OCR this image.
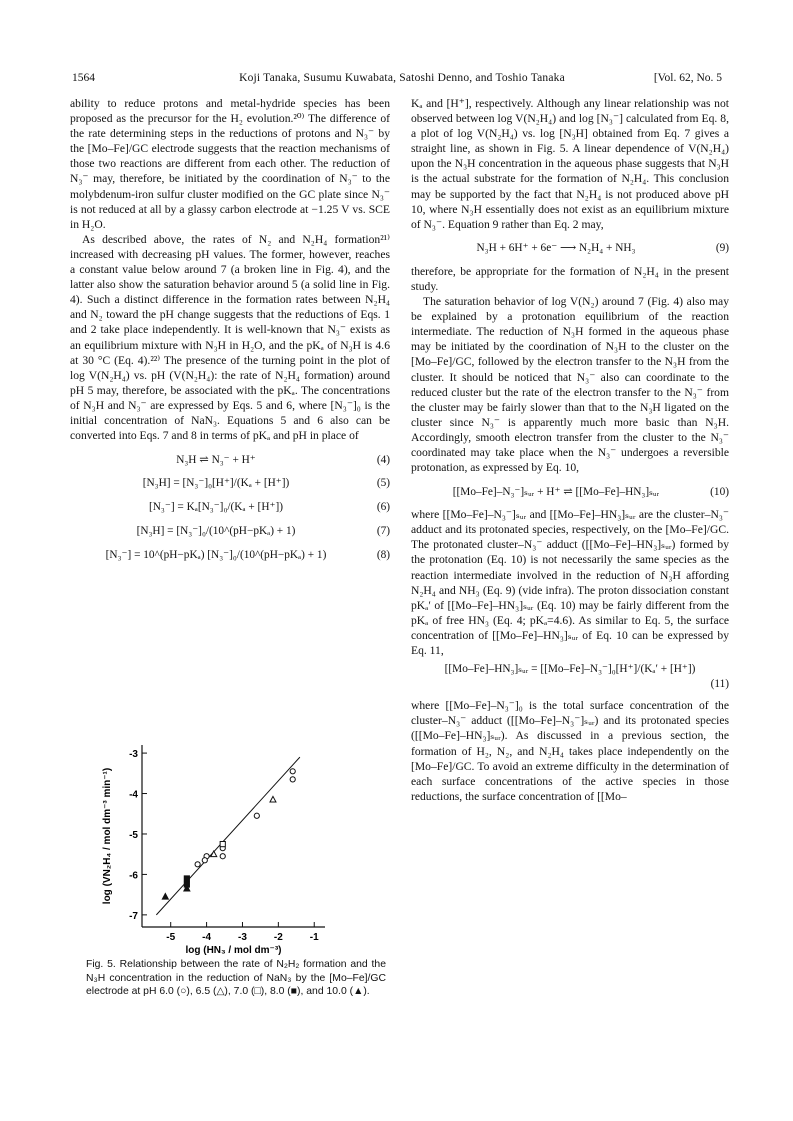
1564	Koji Tanaka, Susumu Kuwabata, Satoshi Denno, and Toshio Tanaka	[Vol. 62, No. 5

ability to reduce protons and metal-hydride species has been proposed as the precursor for the H₂ evolution.²⁰⁾ The difference of the rate determining steps in the reductions of protons and N₃⁻ by the [Mo–Fe]/GC electrode suggests that the reaction mechanisms of those two reactions are different from each other. The reduction of N₃⁻ may, therefore, be initiated by the coordination of N₃⁻ to the molybdenum-iron sulfur cluster modified on the GC plate since N₃⁻ is not reduced at all by a glassy carbon electrode at −1.25 V vs. SCE in H₂O.

As described above, the rates of N₂ and N₂H₄ formation²¹⁾ increased with decreasing pH values. The former, however, reaches a constant value below around 7 (a broken line in Fig. 4), and the latter also show the saturation behavior around 5 (a solid line in Fig. 4). Such a distinct difference in the formation rates between N₂H₄ and N₂ toward the pH change suggests that the reductions of Eqs. 1 and 2 take place independently. It is well-known that N₃⁻ exists as an equilibrium mixture with N₃H in H₂O, and the pKₐ of N₃H is 4.6 at 30 °C (Eq. 4).²²⁾ The presence of the turning point in the plot of log V(N₂H₄) vs. pH (V(N₂H₄): the rate of N₂H₄ formation) around pH 5 may, therefore, be associated with the pKₐ. The concentrations of N₃H and N₃⁻ are expressed by Eqs. 5 and 6, where [N₃⁻]₀ is the initial concentration of NaN₃. Equations 5 and 6 also can be converted into Eqs. 7 and 8 in terms of pKₐ and pH in place of

N₃H ⇌ N₃⁻ + H⁺	(4)
[N₃H] = [N₃⁻]₀[H⁺]/(Kₐ + [H⁺])	(5)
[N₃⁻] = Kₐ[N₃⁻]₀/(Kₐ + [H⁺])	(6)
[N₃H] = [N₃⁻]₀/(10^(pH−pKₐ) + 1)	(7)
[N₃⁻] = 10^(pH−pKₐ) [N₃⁻]₀/(10^(pH−pKₐ) + 1)	(8)
-5	-4	-3	-2	-1
-3
-4
-5
-6
-7
log (HN₃ / mol dm⁻³)
log (VN₂H₄ / mol dm⁻³ min⁻¹)
Fig. 5. Relationship between the rate of N₂H₂ formation and the N₃H concentration in the reduction of NaN₃ by the [Mo–Fe]/GC electrode at pH 6.0 (○), 6.5 (△), 7.0 (□), 8.0 (■), and 10.0 (▲).

Kₐ and [H⁺], respectively. Although any linear relationship was not observed between log V(N₂H₄) and log [N₃⁻] calculated from Eq. 8, a plot of log V(N₂H₄) vs. log [N₃H] obtained from Eq. 7 gives a straight line, as shown in Fig. 5. A linear dependence of V(N₂H₄) upon the N₃H concentration in the aqueous phase suggests that N₃H is the actual substrate for the formation of N₂H₄. This conclusion may be supported by the fact that N₂H₄ is not produced above pH 10, where N₃H essentially does not exist as an equilibrium mixture of N₃⁻. Equation 9 rather than Eq. 2 may,

N₃H + 6H⁺ + 6e⁻ ⟶ N₂H₄ + NH₃	(9)

therefore, be appropriate for the formation of N₂H₄ in the present study.

The saturation behavior of log V(N₂) around 7 (Fig. 4) also may be explained by a protonation equilibrium of the reaction intermediate. The reduction of N₃H formed in the aqueous phase may be initiated by the coordination of N₃H to the cluster on the [Mo–Fe]/GC, followed by the electron transfer to the N₃H from the cluster. It should be noticed that N₃⁻ also can coordinate to the reduced cluster but the rate of the electron transfer to the N₃⁻ from the cluster may be fairly slower than that to the N₃H ligated on the cluster since N₃⁻ is apparently much more basic than N₃H. Accordingly, smooth electron transfer from the cluster to the N₃⁻ coordinated may take place when the N₃⁻ undergoes a reversible protonation, as expressed by Eq. 10,

[[Mo–Fe]–N₃⁻]ₛᵤᵣ + H⁺ ⇌ [[Mo–Fe]–HN₃]ₛᵤᵣ	(10)

where [[Mo–Fe]–N₃⁻]ₛᵤᵣ and [[Mo–Fe]–HN₃]ₛᵤᵣ are the cluster–N₃⁻ adduct and its protonated species, respectively, on the [Mo–Fe]/GC. The protonated cluster–N₃⁻ adduct ([[Mo–Fe]–HN₃]ₛᵤᵣ) formed by the protonation (Eq. 10) is not necessarily the same species as the reaction intermediate involved in the reduction of N₃H affording N₂H₄ and NH₃ (Eq. 9) (vide infra). The proton dissociation constant pKₐ′ of [[Mo–Fe]–HN₃]ₛᵤᵣ (Eq. 10) may be fairly different from the pKₐ of free HN₃ (Eq. 4; pKₐ=4.6). As similar to Eq. 5, the surface concentration of [[Mo–Fe]–HN₃]ₛᵤᵣ of Eq. 10 can be expressed by Eq. 11,

[[Mo–Fe]–HN₃]ₛᵤᵣ = [[Mo–Fe]–N₃⁻]₀[H⁺]/(Kₐ′ + [H⁺])
(11)

where [[Mo–Fe]–N₃⁻]₀ is the total surface concentration of the cluster–N₃⁻ adduct ([[Mo–Fe]–N₃⁻]ₛᵤᵣ) and its protonated species ([[Mo–Fe]–HN₃]ₛᵤᵣ). As discussed in a previous section, the formation of H₂, N₂, and N₂H₄ takes place independently on the [Mo–Fe]/GC. To avoid an extreme difficulty in the determination of each surface concentrations of the active species in those reductions, the surface concentration of [[Mo–
